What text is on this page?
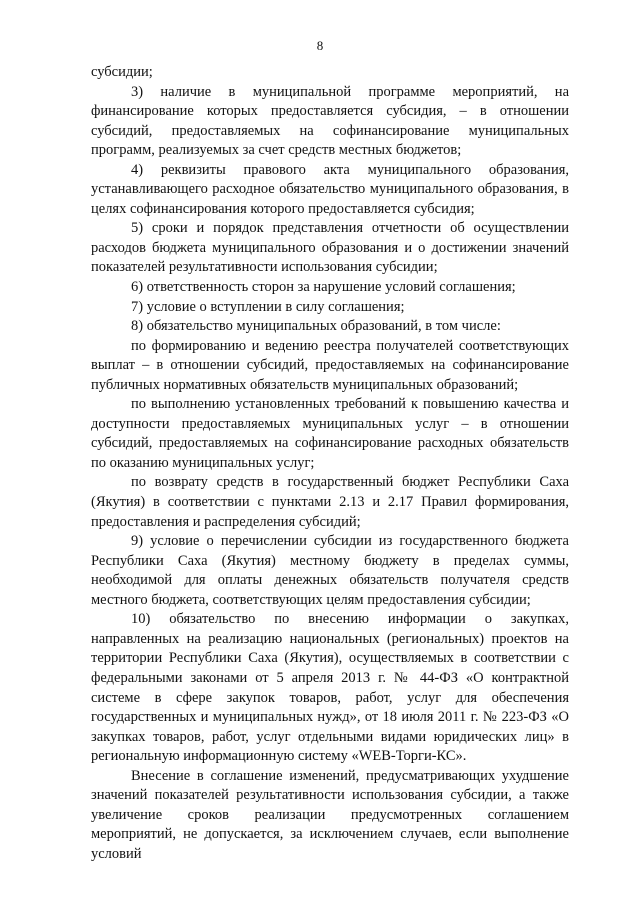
8

субсидии;

3) наличие в муниципальной программе мероприятий, на финансирование которых предоставляется субсидия, – в отношении субсидий, предоставляемых на софинансирование муниципальных программ, реализуемых за счет средств местных бюджетов;

4) реквизиты правового акта муниципального образования, устанавливающего расходное обязательство муниципального образования, в целях софинансирования которого предоставляется субсидия;

5) сроки и порядок представления отчетности об осуществлении расходов бюджета муниципального образования и о достижении значений показателей результативности использования субсидии;

6) ответственность сторон за нарушение условий соглашения;

7) условие о вступлении в силу соглашения;

8) обязательство муниципальных образований, в том числе:

по формированию и ведению реестра получателей соответствующих выплат – в отношении субсидий, предоставляемых на софинансирование публичных нормативных обязательств муниципальных образований;

по выполнению установленных требований к повышению качества и доступности предоставляемых муниципальных услуг – в отношении субсидий, предоставляемых на софинансирование расходных обязательств по оказанию муниципальных услуг;

по возврату средств в государственный бюджет Республики Саха (Якутия) в соответствии с пунктами 2.13 и 2.17 Правил формирования, предоставления и распределения субсидий;

9) условие о перечислении субсидии из государственного бюджета Республики Саха (Якутия) местному бюджету в пределах суммы, необходимой для оплаты денежных обязательств получателя средств местного бюджета, соответствующих целям предоставления субсидии;

10) обязательство по внесению информации о закупках, направленных на реализацию национальных (региональных) проектов на территории Республики Саха (Якутия), осуществляемых в соответствии с федеральными законами от 5 апреля 2013 г. № 44-ФЗ «О контрактной системе в сфере закупок товаров, работ, услуг для обеспечения государственных и муниципальных нужд», от 18 июля 2011 г. № 223-ФЗ «О закупках товаров, работ, услуг отдельными видами юридических лиц» в региональную информационную систему «WEB-Торги-КС».

Внесение в соглашение изменений, предусматривающих ухудшение значений показателей результативности использования субсидии, а также увеличение сроков реализации предусмотренных соглашением мероприятий, не допускается, за исключением случаев, если выполнение условий
